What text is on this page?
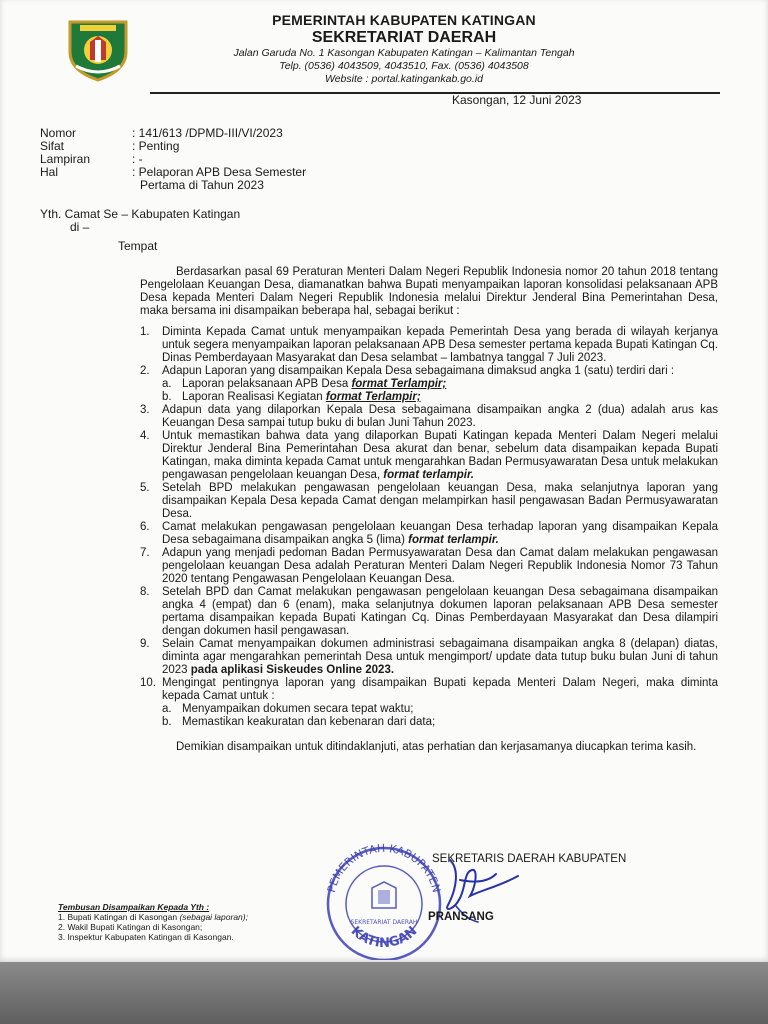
PEMERINTAH KABUPATEN KATINGAN
SEKRETARIAT DAERAH
Jalan Garuda No. 1 Kasongan Kabupaten Katingan – Kalimantan Tengah
Telp. (0536) 4043509, 4043510, Fax. (0536) 4043508
Website : portal.katingankab.go.id
Kasongan, 12 Juni 2023
Nomor	: 141/613 /DPMD-III/VI/2023
Sifat	: Penting
Lampiran	: -
Hal	: Pelaporan APB Desa Semester
Pertama di Tahun 2023
Yth. Camat Se – Kabupaten Katingan
di –
Tempat

Berdasarkan pasal 69 Peraturan Menteri Dalam Negeri Republik Indonesia nomor 20 tahun 2018 tentang Pengelolaan Keuangan Desa, diamanatkan bahwa Bupati menyampaikan laporan konsolidasi pelaksanaan APB Desa kepada Menteri Dalam Negeri Republik Indonesia melalui Direktur Jenderal Bina Pemerintahan Desa, maka bersama ini disampaikan beberapa hal, sebagai berikut :

1.	Diminta Kepada Camat untuk menyampaikan kepada Pemerintah Desa yang berada di wilayah kerjanya untuk segera menyampaikan laporan pelaksanaan APB Desa semester pertama kepada Bupati Katingan Cq. Dinas Pemberdayaan Masyarakat dan Desa selambat – lambatnya tanggal 7 Juli 2023.
2.	Adapun Laporan yang disampaikan Kepala Desa sebagaimana dimaksud angka 1 (satu) terdiri dari :
a. Laporan pelaksanaan APB Desa format Terlampir;
b. Laporan Realisasi Kegiatan format Terlampir;
3.	Adapun data yang dilaporkan Kepala Desa sebagaimana disampaikan angka 2 (dua) adalah arus kas Keuangan Desa sampai tutup buku di bulan Juni Tahun 2023.
4.	Untuk memastikan bahwa data yang dilaporkan Bupati Katingan kepada Menteri Dalam Negeri melalui Direktur Jenderal Bina Pemerintahan Desa akurat dan benar, sebelum data disampaikan kepada Bupati Katingan, maka diminta kepada Camat untuk mengarahkan Badan Permusyawaratan Desa untuk melakukan pengawasan pengelolaan keuangan Desa, format terlampir.
5.	Setelah BPD melakukan pengawasan pengelolaan keuangan Desa, maka selanjutnya laporan yang disampaikan Kepala Desa kepada Camat dengan melampirkan hasil pengawasan Badan Permusyawaratan Desa.
6.	Camat melakukan pengawasan pengelolaan keuangan Desa terhadap laporan yang disampaikan Kepala Desa sebagaimana disampaikan angka 5 (lima) format terlampir.
7.	Adapun yang menjadi pedoman Badan Permusyawaratan Desa dan Camat dalam melakukan pengawasan pengelolaan keuangan Desa adalah Peraturan Menteri Dalam Negeri Republik Indonesia Nomor 73 Tahun 2020 tentang Pengawasan Pengelolaan Keuangan Desa.
8.	Setelah BPD dan Camat melakukan pengawasan pengelolaan keuangan Desa sebagaimana disampaikan angka 4 (empat) dan 6 (enam), maka selanjutnya dokumen laporan pelaksanaan APB Desa semester pertama disampaikan kepada Bupati Katingan Cq. Dinas Pemberdayaan Masyarakat dan Desa dilampiri dengan dokumen hasil pengawasan.
9.	Selain Camat menyampaikan dokumen administrasi sebagaimana disampaikan angka 8 (delapan) diatas, diminta agar mengarahkan pemerintah Desa untuk mengimport/ update data tutup buku bulan Juni di tahun 2023 pada aplikasi Siskeudes Online 2023.
10. Mengingat pentingnya laporan yang disampaikan Bupati kepada Menteri Dalam Negeri, maka diminta kepada Camat untuk :
a. Menyampaikan dokumen secara tepat waktu;
b. Memastikan keakuratan dan kebenaran dari data;

Demikian disampaikan untuk ditindaklanjuti, atas perhatian dan kerjasamanya diucapkan terima kasih.

PEMERINTAH KABUPATEN
KATINGAN
SEKRETARIAT DAERAH
SEKRETARIS DAERAH KABUPATEN
PRANSANG
Tembusan Disampaikan Kepada Yth :
1. Bupati Katingan di Kasongan (sebagai laporan);
2. Wakil Bupati Katingan di Kasongan;
3. Inspektur Kabupaten Katingan di Kasongan.
